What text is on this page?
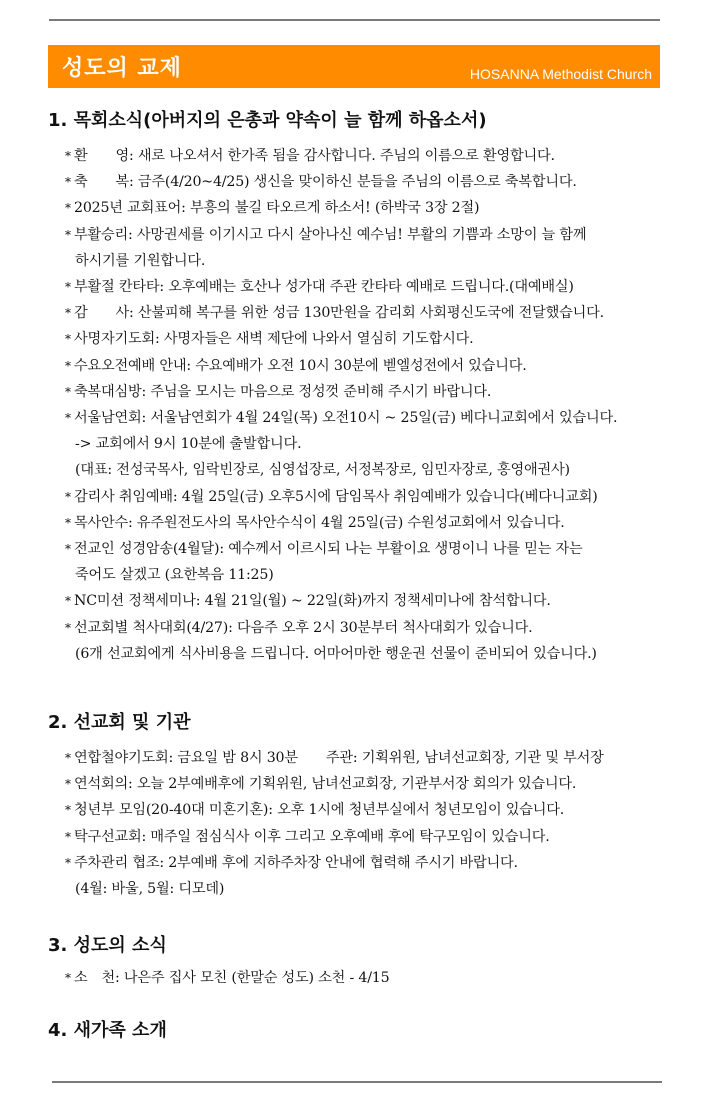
성도의 교제	HOSANNA Methodist Church
1. 목회소식(아버지의 은총과 약속이 늘 함께 하옵소서)
* 환　　영: 새로 나오셔서 한가족 됨을 감사합니다. 주님의 이름으로 환영합니다.
* 축　　복: 금주(4/20~4/25) 생신을 맞이하신 분들을 주님의 이름으로 축복합니다.
* 2025년 교회표어: 부흥의 불길 타오르게 하소서! (하박국 3장 2절)
* 부활승리: 사망권세를 이기시고 다시 살아나신 예수님! 부활의 기쁨과 소망이 늘 함께
하시기를 기원합니다.
* 부활절 칸타타: 오후예배는 호산나 성가대 주관 칸타타 예배로 드립니다.(대예배실)
* 감　　사: 산불피해 복구를 위한 성금 130만원을 감리회 사회평신도국에 전달했습니다.
* 사명자기도회: 사명자들은 새벽 제단에 나와서 열심히 기도합시다.
* 수요오전예배 안내: 수요예배가 오전 10시 30분에 벧엘성전에서 있습니다.
* 축복대심방: 주님을 모시는 마음으로 정성껏 준비해 주시기 바랍니다.
* 서울남연회: 서울남연회가 4월 24일(목) 오전10시 ~ 25일(금) 베다니교회에서 있습니다.
-> 교회에서 9시 10분에 출발합니다.
(대표: 전성국목사, 임락빈장로, 심영섭장로, 서정복장로, 임민자장로, 홍영애권사)
* 감리사 취임예배: 4월 25일(금) 오후5시에 담임목사 취임예배가 있습니다(베다니교회)
* 목사안수: 유주원전도사의 목사안수식이 4월 25일(금) 수원성교회에서 있습니다.
* 전교인 성경암송(4월달): 예수께서 이르시되 나는 부활이요 생명이니 나를 믿는 자는
죽어도 살겠고 (요한복음 11:25)
* NC미션 정책세미나: 4월 21일(월) ~ 22일(화)까지 정책세미나에 참석합니다.
* 선교회별 척사대회(4/27): 다음주 오후 2시 30분부터 척사대회가 있습니다.
(6개 선교회에게 식사비용을 드립니다. 어마어마한 행운권 선물이 준비되어 있습니다.)
2. 선교회 및 기관
* 연합철야기도회: 금요일 밤 8시 30분　　주관: 기획위원, 남녀선교회장, 기관 및 부서장
* 연석회의: 오늘 2부예배후에 기획위원, 남녀선교회장, 기관부서장 회의가 있습니다.
* 청년부 모임(20-40대 미혼기혼): 오후 1시에 청년부실에서 청년모임이 있습니다.
* 탁구선교회: 매주일 점심식사 이후 그리고 오후예배 후에 탁구모임이 있습니다.
* 주차관리 협조: 2부예배 후에 지하주차장 안내에 협력해 주시기 바랍니다.
(4월: 바울, 5월: 디모데)
3. 성도의 소식
* 소　천: 나은주 집사 모친 (한말순 성도) 소천 - 4/15
4. 새가족 소개
